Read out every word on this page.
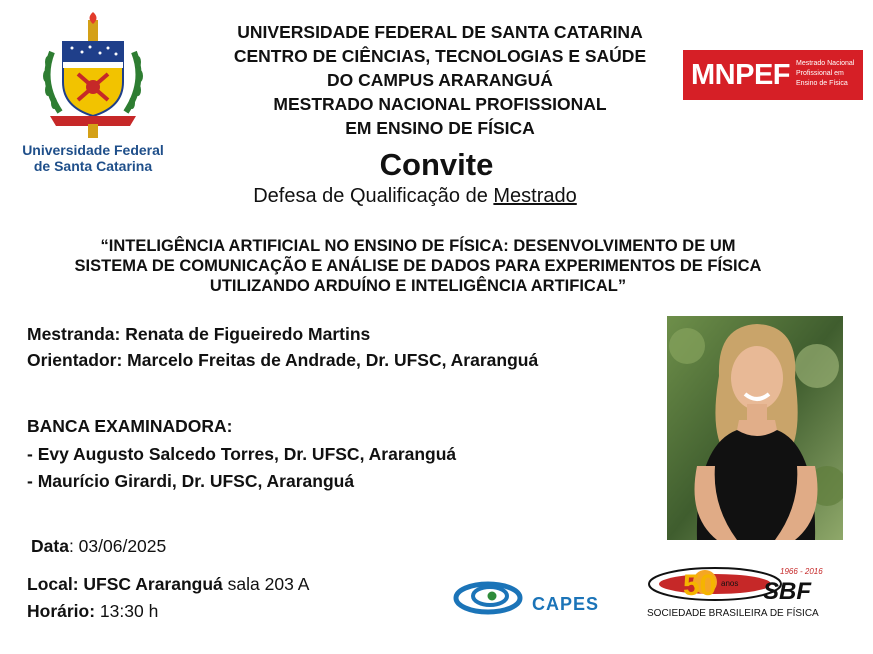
Universidade Federal
de Santa Catarina
UNIVERSIDADE FEDERAL DE SANTA CATARINA
CENTRO DE CIÊNCIAS, TECNOLOGIAS E SAÚDE
DO CAMPUS ARARANGUÁ
MESTRADO NACIONAL PROFISSIONAL
EM ENSINO DE FÍSICA
MNPEF Mestrado Nacional Profissional em Ensino de Física
Convite
Defesa de Qualificação de Mestrado
“INTELIGÊNCIA ARTIFICIAL NO ENSINO DE FÍSICA: DESENVOLVIMENTO DE UM
SISTEMA DE COMUNICAÇÃO E ANÁLISE DE DADOS PARA EXPERIMENTOS DE FÍSICA
UTILIZANDO ARDUÍNO E INTELIGÊNCIA ARTIFICAL”
Mestranda: Renata de Figueiredo Martins
Orientador: Marcelo Freitas de Andrade, Dr. UFSC, Araranguá
BANCA EXAMINADORA:
- Evy Augusto Salcedo Torres, Dr. UFSC, Araranguá
- Maurício Girardi, Dr. UFSC, Araranguá
Data: 03/06/2025
Local: UFSC Araranguá sala 203 A
Horário: 13:30 h	CAPES
50 anos
1966 - 2016
SBF
SOCIEDADE BRASILEIRA DE FÍSICA
